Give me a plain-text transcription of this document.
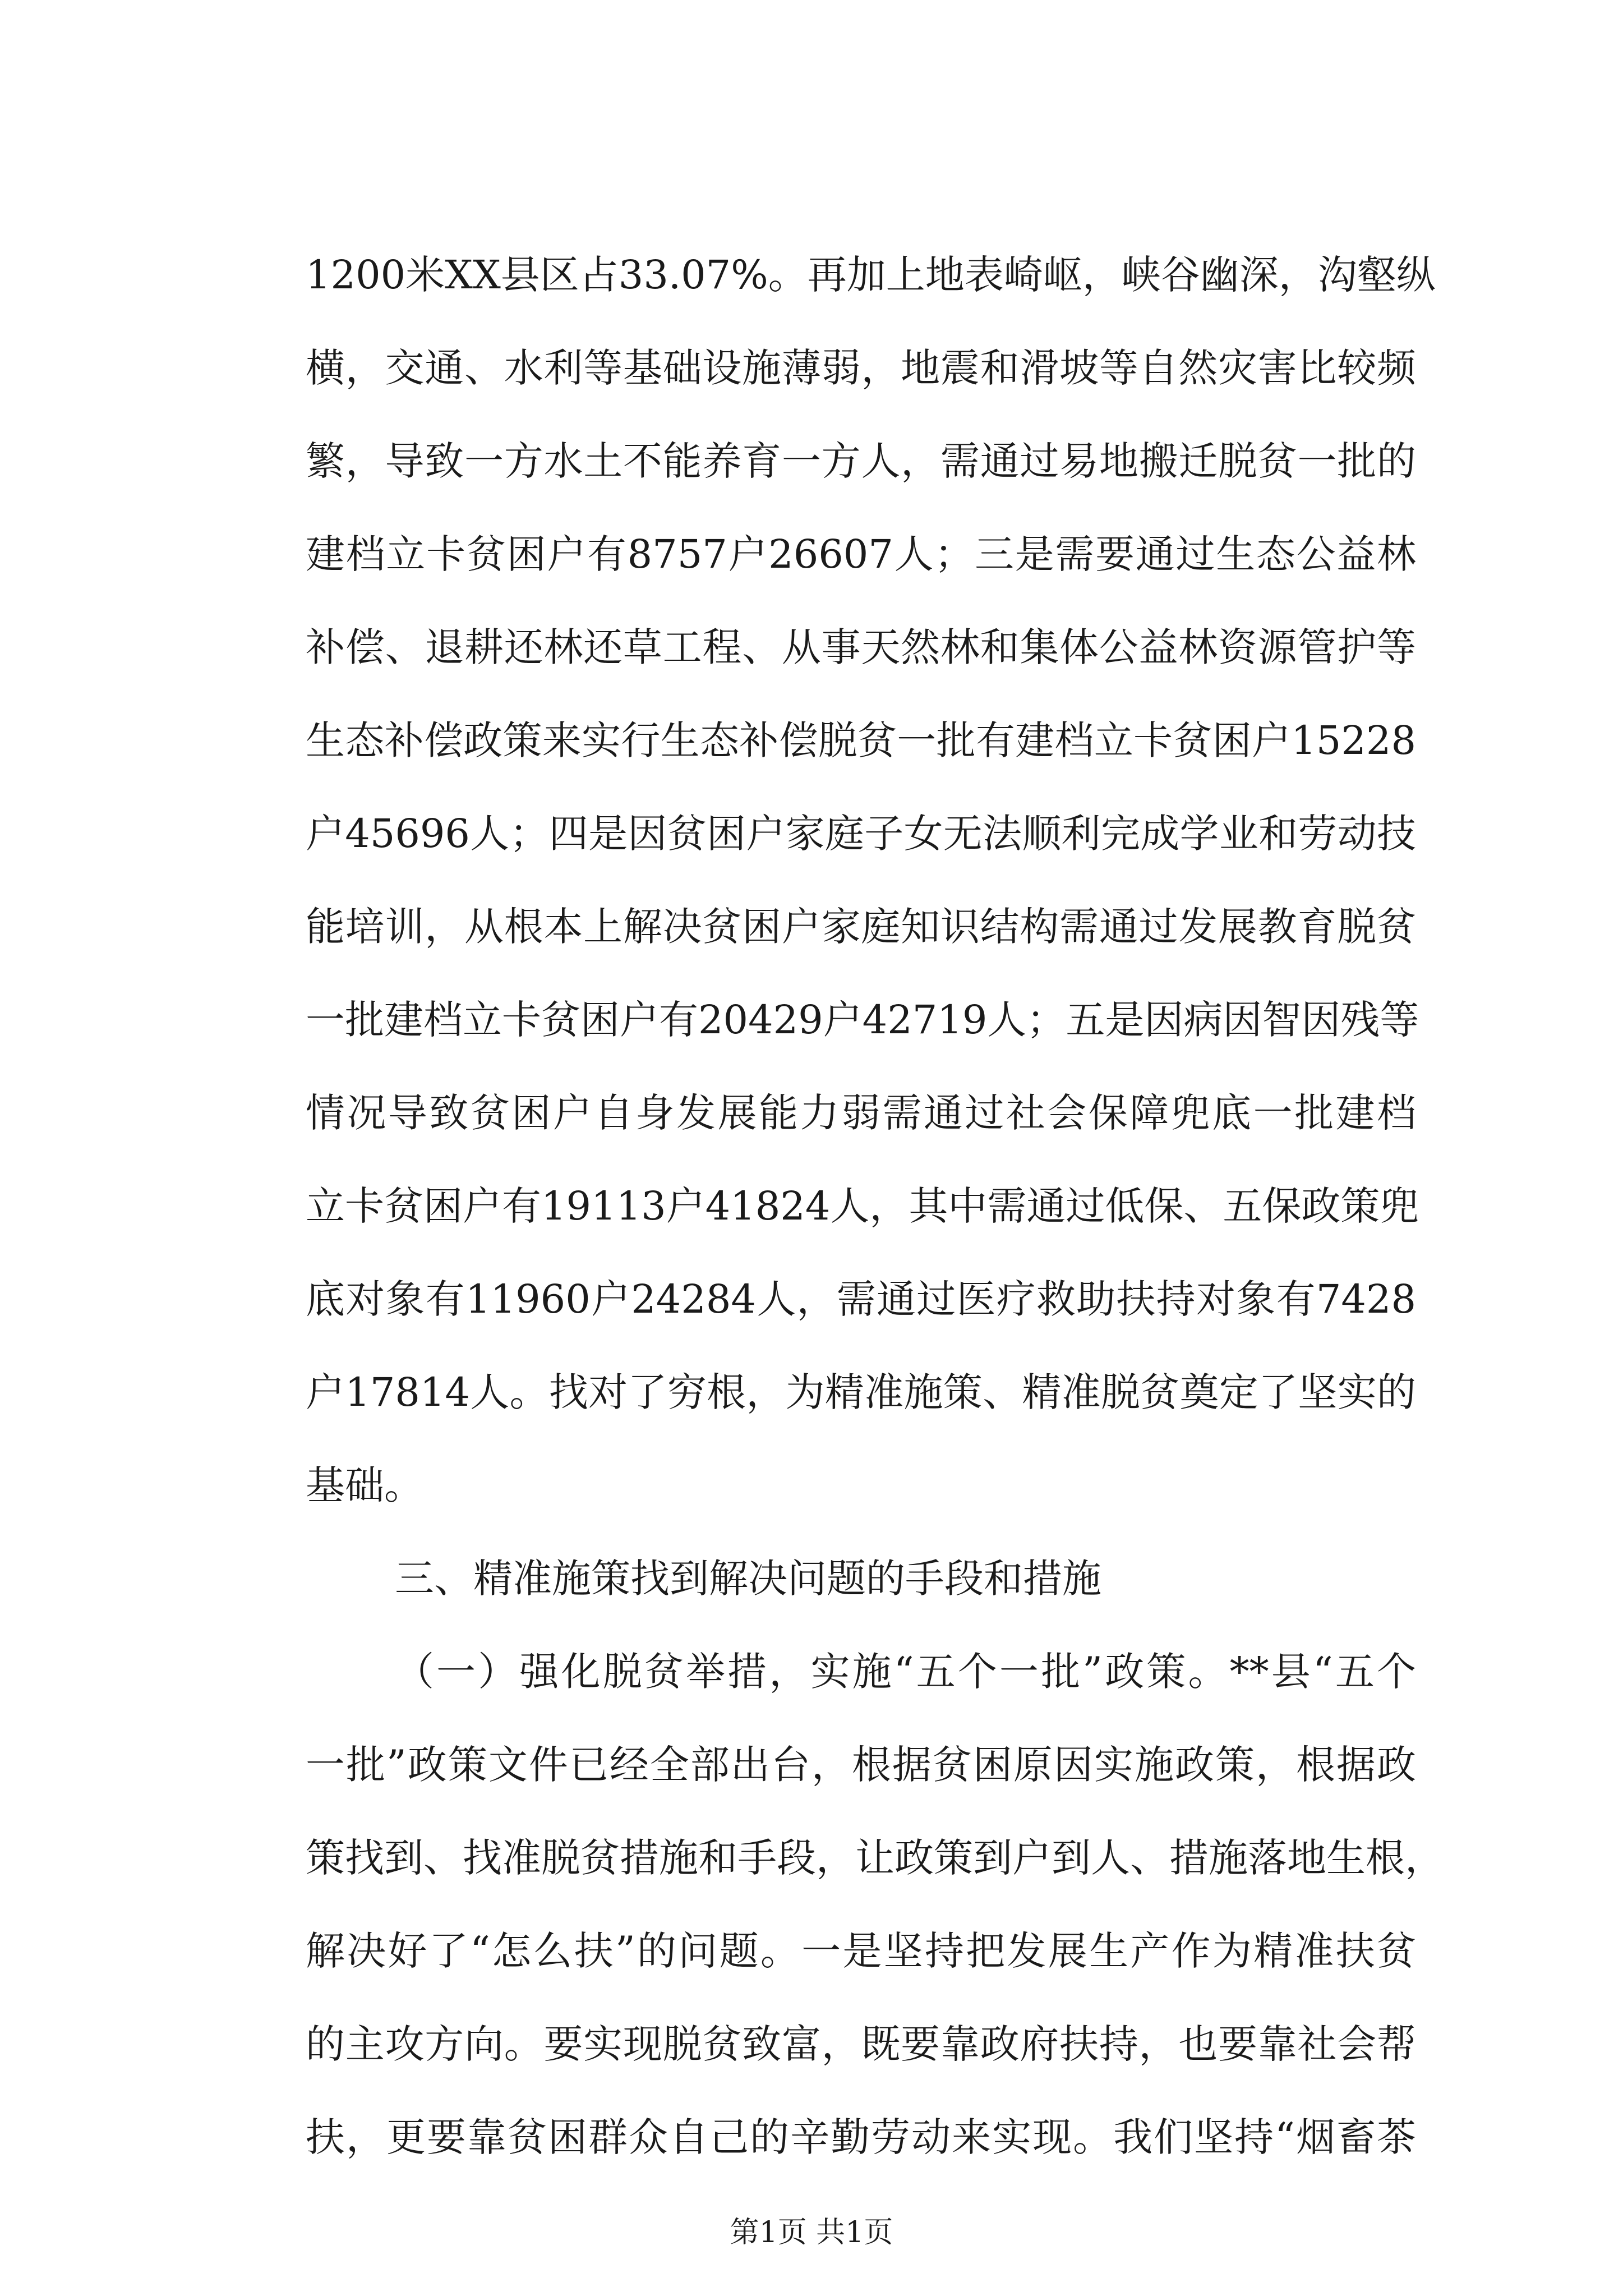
1200米XX县区占33.07%。再加上地表崎岖，峡谷幽深，沟壑纵
横，交通、水利等基础设施薄弱，地震和滑坡等自然灾害比较频
繁，导致一方水土不能养育一方人，需通过易地搬迁脱贫一批的
建档立卡贫困户有8757户26607人；三是需要通过生态公益林
补偿、退耕还林还草工程、从事天然林和集体公益林资源管护等
生态补偿政策来实行生态补偿脱贫一批有建档立卡贫困户15228
户45696人；四是因贫困户家庭子女无法顺利完成学业和劳动技
能培训，从根本上解决贫困户家庭知识结构需通过发展教育脱贫
一批建档立卡贫困户有20429户42719人；五是因病因智因残等
情况导致贫困户自身发展能力弱需通过社会保障兜底一批建档
立卡贫困户有19113户41824人，其中需通过低保、五保政策兜
底对象有11960户24284人，需通过医疗救助扶持对象有7428
户17814人。找对了穷根，为精准施策、精准脱贫奠定了坚实的
基础。
三、精准施策找到解决问题的手段和措施
（一）强化脱贫举措，实施“五个一批”政策。**县“五个
一批”政策文件已经全部出台，根据贫困原因实施政策，根据政
策找到、找准脱贫措施和手段，让政策到户到人、措施落地生根，
解决好了“怎么扶”的问题。一是坚持把发展生产作为精准扶贫
的主攻方向。要实现脱贫致富，既要靠政府扶持，也要靠社会帮
扶，更要靠贫困群众自己的辛勤劳动来实现。我们坚持“烟畜茶
第1页 共1页
